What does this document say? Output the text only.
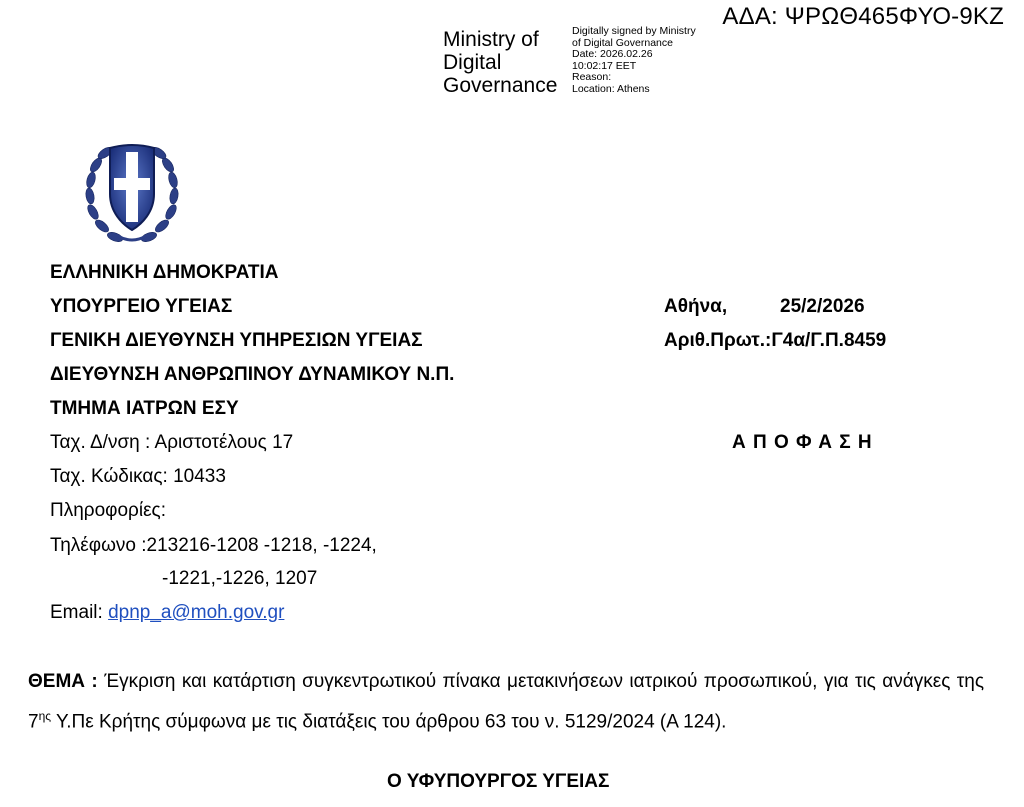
ΑΔΑ: ΨΡΩΘ465ΦΥΟ-9ΚΖ
Ministry of
Digital
Governance
Digitally signed by Ministry
of Digital Governance
Date: 2026.02.26
10:02:17 EET
Reason:
Location: Athens
ΕΛΛΗΝΙΚΗ ΔΗΜΟΚΡΑΤΙΑ
ΥΠΟΥΡΓΕΙΟ ΥΓΕΙΑΣ
ΓΕΝΙΚΗ ΔΙΕΥΘΥΝΣΗ ΥΠΗΡΕΣΙΩΝ ΥΓΕΙΑΣ
ΔΙΕΥΘΥΝΣΗ ΑΝΘΡΩΠΙΝΟΥ ΔΥΝΑΜΙΚΟΥ Ν.Π.
ΤΜΗΜΑ ΙΑΤΡΩΝ ΕΣΥ
Ταχ. Δ/νση : Αριστοτέλους 17
Ταχ. Κώδικας: 10433
Πληροφορίες:
Τηλέφωνο :213216-1208 -1218, -1224,
-1221,-1226, 1207
Email: dpnp_a@moh.gov.gr
Αθήνα,	25/2/2026
Αριθ.Πρωτ.:Γ4α/Γ.Π.8459
Α Π Ο Φ Α Σ Η
ΘΕΜΑ : Έγκριση και κατάρτιση συγκεντρωτικού πίνακα μετακινήσεων ιατρικού προσωπικού, για τις ανάγκες της $7^{\eta\varsigma}$ Υ.Πε Κρήτης σύμφωνα με τις διατάξεις του άρθρου 63 του ν. 5129/2024 (Α 124).
Ο ΥΦΥΠΟΥΡΓΟΣ ΥΓΕΙΑΣ
